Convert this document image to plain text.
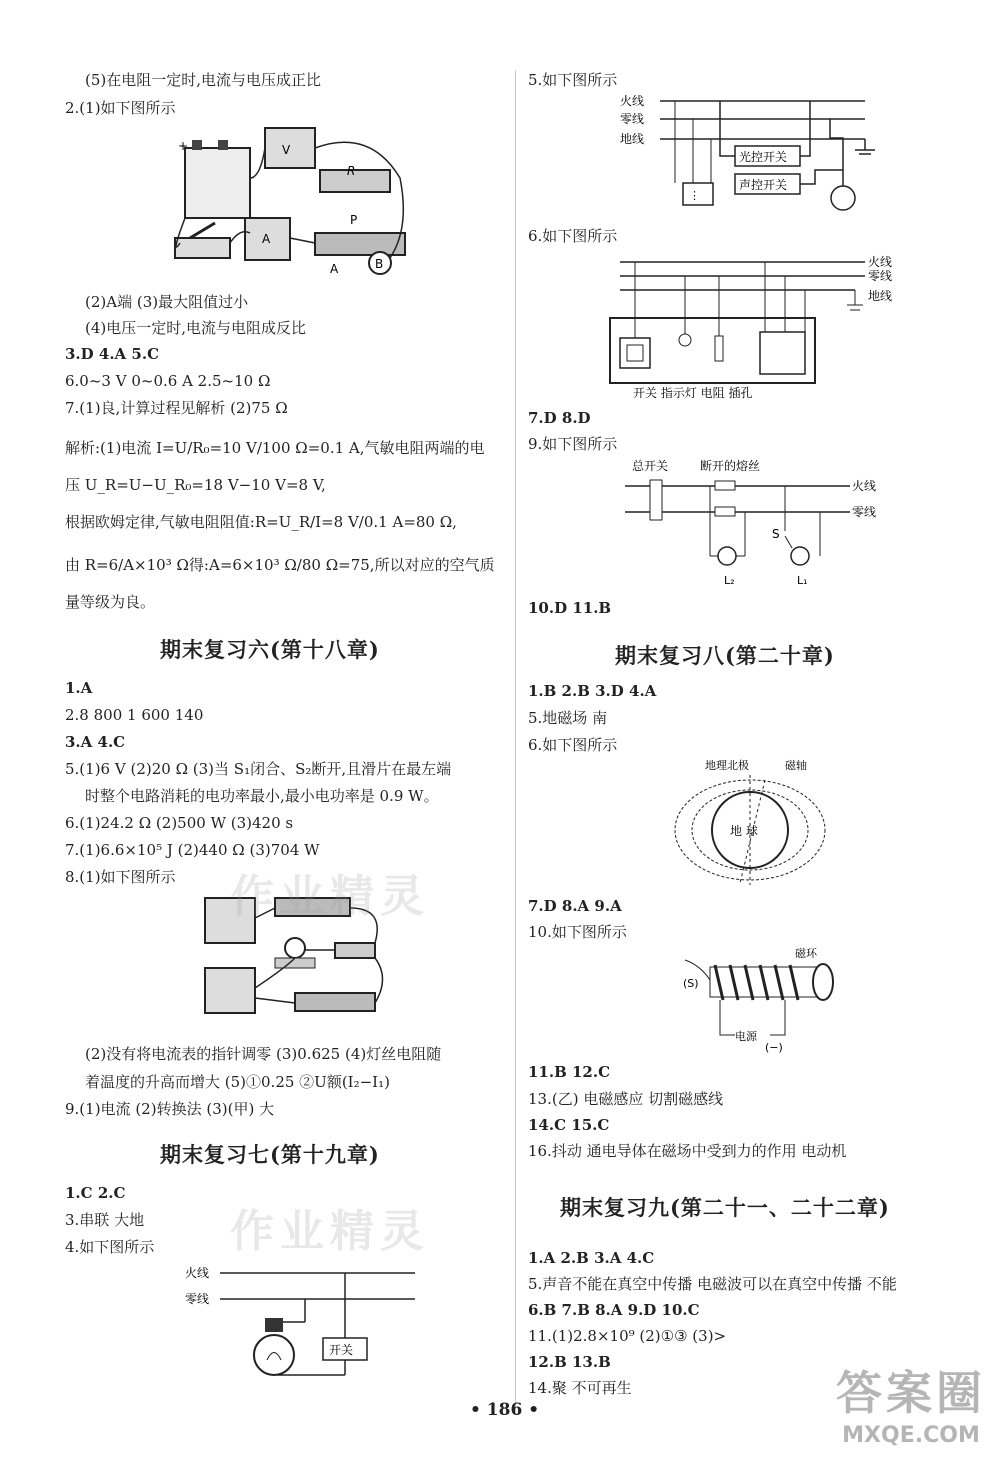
(5)在电阻一定时,电流与电压成正比
2.(1)如下图所示
+	V
R
A
P
A	B
(2)A端 (3)最大阻值过小
(4)电压一定时,电流与电阻成反比
3.D 4.A 5.C
6.0~3 V 0~0.6 A 2.5~10 Ω
7.(1)良,计算过程见解析 (2)75 Ω
解析:(1)电流 I=U/R₀=10 V/100 Ω=0.1 A,气敏电阻两端的电
压 U_R=U−U_R₀=18 V−10 V=8 V,
根据欧姆定律,气敏电阻阻值:R=U_R/I=8 V/0.1 A=80 Ω,
由 R=6/A×10³ Ω得:A=6×10³ Ω/80 Ω=75,所以对应的空气质
量等级为良。
期末复习六(第十八章)
1.A
2.8 800 1 600 140
3.A 4.C
5.(1)6 V (2)20 Ω (3)当 S₁闭合、S₂断开,且滑片在最左端
时整个电路消耗的电功率最小,最小电功率是 0.9 W。
6.(1)24.2 Ω (2)500 W (3)420 s
7.(1)6.6×10⁵ J (2)440 Ω (3)704 W
8.(1)如下图所示
(2)没有将电流表的指针调零 (3)0.625 (4)灯丝电阻随
着温度的升高而增大 (5)①0.25 ②U额(I₂−I₁)
9.(1)电流 (2)转换法 (3)(甲) 大
期末复习七(第十九章)
1.C 2.C
3.串联 大地
4.如下图所示
火线
零线
开关
5.如下图所示
火线
零线
地线
⋮
光控开关
声控开关
6.如下图所示
火线
零线
地线
开关 指示灯 电阻 插孔
7.D 8.D
9.如下图所示
总开关	断开的熔丝
火线
零线
S
L₂	L₁
10.D 11.B
期末复习八(第二十章)
1.B 2.B 3.D 4.A
5.地磁场 南
6.如下图所示
地理北极	磁轴
地 球
7.D 8.A 9.A
10.如下图所示
磁环
(S)
电源
(−)
11.B 12.C
13.(乙) 电磁感应 切割磁感线
14.C 15.C
16.抖动 通电导体在磁场中受到力的作用 电动机
期末复习九(第二十一、二十二章)
1.A 2.B 3.A 4.C
5.声音不能在真空中传播 电磁波可以在真空中传播 不能
6.B 7.B 8.A 9.D 10.C
11.(1)2.8×10⁹ (2)①③ (3)>
12.B 13.B
14.聚 不可再生
• 186 •
作业精灵
作业精灵
答案圈
MXQE.COM
